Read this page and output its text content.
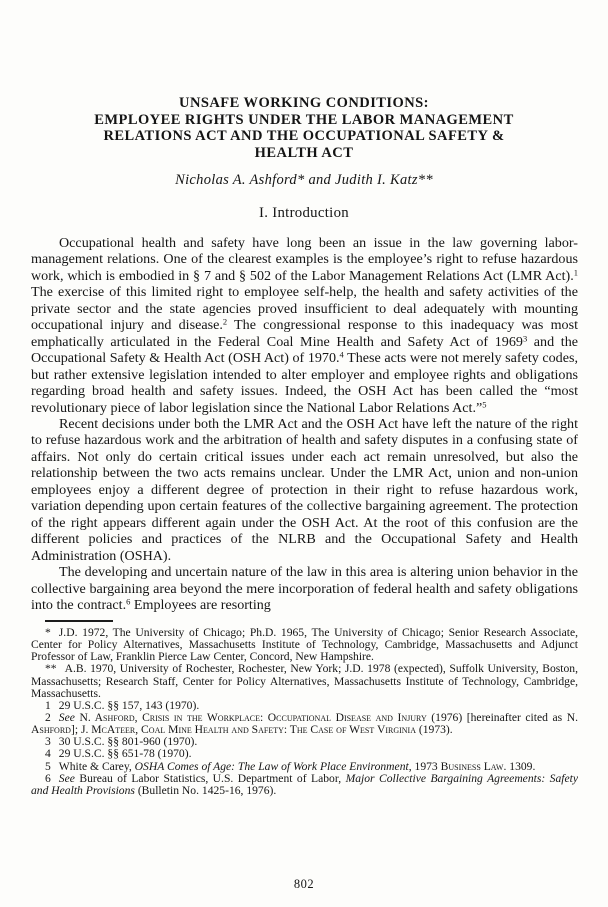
UNSAFE WORKING CONDITIONS:
EMPLOYEE RIGHTS UNDER THE LABOR MANAGEMENT
RELATIONS ACT AND THE OCCUPATIONAL SAFETY &
HEALTH ACT
Nicholas A. Ashford* and Judith I. Katz**
I. Introduction

Occupational health and safety have long been an issue in the law governing labor-management relations. One of the clearest examples is the employee’s right to refuse hazardous work, which is embodied in § 7 and § 502 of the Labor Management Relations Act (LMR Act).$^1$ The exercise of this limited right to employee self-help, the health and safety activities of the private sector and the state agencies proved insufficient to deal adequately with mounting occupational injury and disease.$^2$ The congressional response to this inadequacy was most emphatically articulated in the Federal Coal Mine Health and Safety Act of 1969$^3$ and the Occupational Safety & Health Act (OSH Act) of 1970.$^4$ These acts were not merely safety codes, but rather extensive legislation intended to alter employer and employee rights and obligations regarding broad health and safety issues. Indeed, the OSH Act has been called the “most revolutionary piece of labor legislation since the National Labor Relations Act.”$^5$

Recent decisions under both the LMR Act and the OSH Act have left the nature of the right to refuse hazardous work and the arbitration of health and safety disputes in a confusing state of affairs. Not only do certain critical issues under each act remain unresolved, but also the relationship between the two acts remains unclear. Under the LMR Act, union and non-union employees enjoy a different degree of protection in their right to refuse hazardous work, variation depending upon certain features of the collective bargaining agreement. The protection of the right appears different again under the OSH Act. At the root of this confusion are the different policies and practices of the NLRB and the Occupational Safety and Health Administration (OSHA).

The developing and uncertain nature of the law in this area is altering union behavior in the collective bargaining area beyond the mere incorporation of federal health and safety obligations into the contract.$^6$ Employees are resorting

* J.D. 1972, The University of Chicago; Ph.D. 1965, The University of Chicago; Senior Research Associate, Center for Policy Alternatives, Massachusetts Institute of Technology, Cambridge, Massachusetts and Adjunct Professor of Law, Franklin Pierce Law Center, Concord, New Hampshire.

** A.B. 1970, University of Rochester, Rochester, New York; J.D. 1978 (expected), Suffolk University, Boston, Massachusetts; Research Staff, Center for Policy Alternatives, Massachusetts Institute of Technology, Cambridge, Massachusetts.

1 29 U.S.C. §§ 157, 143 (1970).

2 See N. Ashford, Crisis in the Workplace: Occupational Disease and Injury (1976) [hereinafter cited as N. Ashford]; J. McAteer, Coal Mine Health and Safety: The Case of West Virginia (1973).

3 30 U.S.C. §§ 801-960 (1970).

4 29 U.S.C. §§ 651-78 (1970).

5 White & Carey, OSHA Comes of Age: The Law of Work Place Environment, 1973 Business Law. 1309.

6 See Bureau of Labor Statistics, U.S. Department of Labor, Major Collective Bargaining Agreements: Safety and Health Provisions (Bulletin No. 1425-16, 1976).

802
